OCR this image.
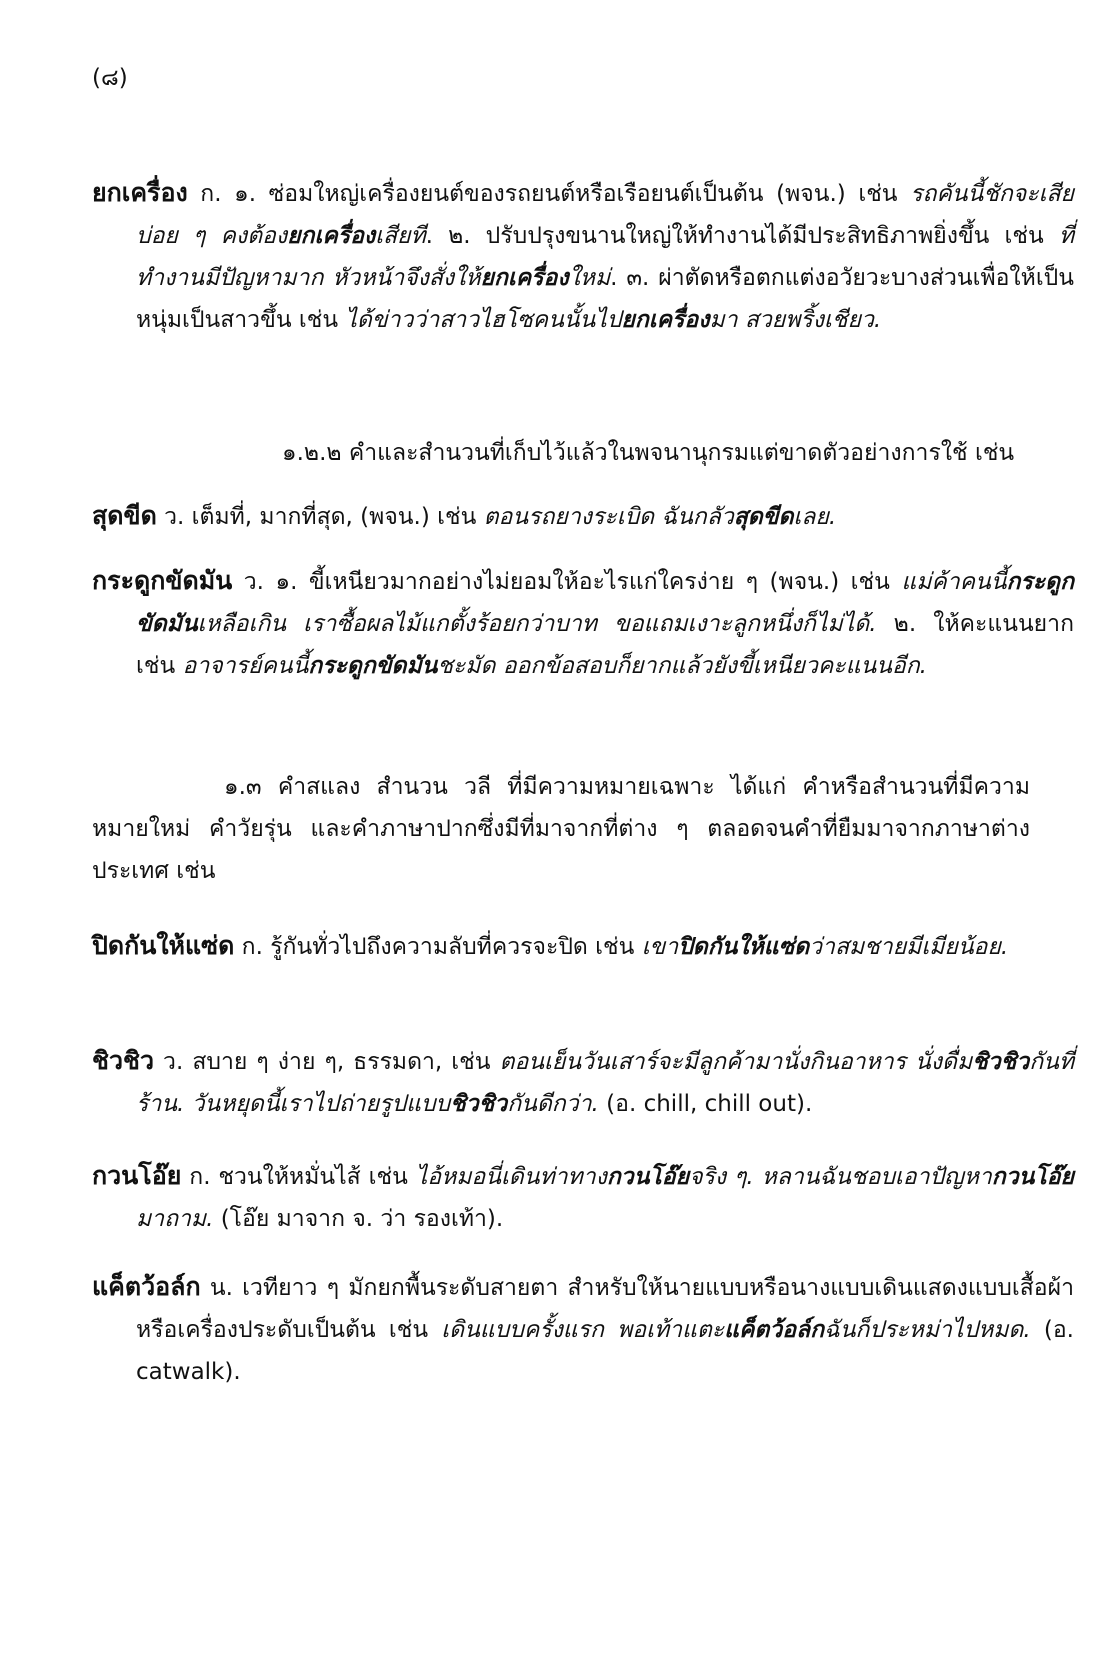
(๘)
ยกเครื่อง ก. ๑. ซ่อมใหญ่เครื่องยนต์ของรถยนต์หรือเรือยนต์เป็นต้น (พจน.) เช่น รถคันนี้ชักจะเสียบ่อย ๆ คงต้องยกเครื่องเสียที. ๒. ปรับปรุงขนานใหญ่ให้ทำงานได้มีประสิทธิภาพยิ่งขึ้น เช่น ที่ทำงานมีปัญหามาก หัวหน้าจึงสั่งให้ยกเครื่องใหม่. ๓. ผ่าตัดหรือตกแต่งอวัยวะบางส่วนเพื่อให้เป็นหนุ่มเป็นสาวขึ้น เช่น ได้ข่าวว่าสาวไฮโซคนนั้นไปยกเครื่องมา สวยพริ้งเชียว.
๑.๒.๒ คำและสำนวนที่เก็บไว้แล้วในพจนานุกรมแต่ขาดตัวอย่างการใช้ เช่น
สุดขีด ว. เต็มที่, มากที่สุด, (พจน.) เช่น ตอนรถยางระเบิด ฉันกลัวสุดขีดเลย.
กระดูกขัดมัน ว. ๑. ขี้เหนียวมากอย่างไม่ยอมให้อะไรแก่ใครง่าย ๆ (พจน.) เช่น แม่ค้าคนนี้กระดูกขัดมันเหลือเกิน เราซื้อผลไม้แกตั้งร้อยกว่าบาท ขอแถมเงาะลูกหนึ่งก็ไม่ได้. ๒. ให้คะแนนยาก เช่น อาจารย์คนนี้กระดูกขัดมันชะมัด ออกข้อสอบก็ยากแล้วยังขี้เหนียวคะแนนอีก.
๑.๓ คำสแลง สำนวน วลี ที่มีความหมายเฉพาะ ได้แก่ คำหรือสำนวนที่มีความหมายใหม่ คำวัยรุ่น และคำภาษาปากซึ่งมีที่มาจากที่ต่าง ๆ ตลอดจนคำที่ยืมมาจากภาษาต่างประเทศ เช่น
ปิดกันให้แซ่ด ก. รู้กันทั่วไปถึงความลับที่ควรจะปิด เช่น เขาปิดกันให้แซ่ดว่าสมชายมีเมียน้อย.
ชิวชิว ว. สบาย ๆ ง่าย ๆ, ธรรมดา, เช่น ตอนเย็นวันเสาร์จะมีลูกค้ามานั่งกินอาหาร นั่งดื่มชิวชิวกันที่ร้าน. วันหยุดนี้เราไปถ่ายรูปแบบชิวชิวกันดีกว่า. (อ. chill, chill out).
กวนโอ๊ย ก. ชวนให้หมั่นไส้ เช่น ไอ้หมอนี่เดินท่าทางกวนโอ๊ยจริง ๆ. หลานฉันชอบเอาปัญหากวนโอ๊ยมาถาม. (โอ๊ย มาจาก จ. ว่า รองเท้า).
แค็ตว้อล์ก น. เวทียาว ๆ มักยกพื้นระดับสายตา สำหรับให้นายแบบหรือนางแบบเดินแสดงแบบเสื้อผ้าหรือเครื่องประดับเป็นต้น เช่น เดินแบบครั้งแรก พอเท้าแตะแค็ตว้อล์กฉันก็ประหม่าไปหมด. (อ. catwalk).
